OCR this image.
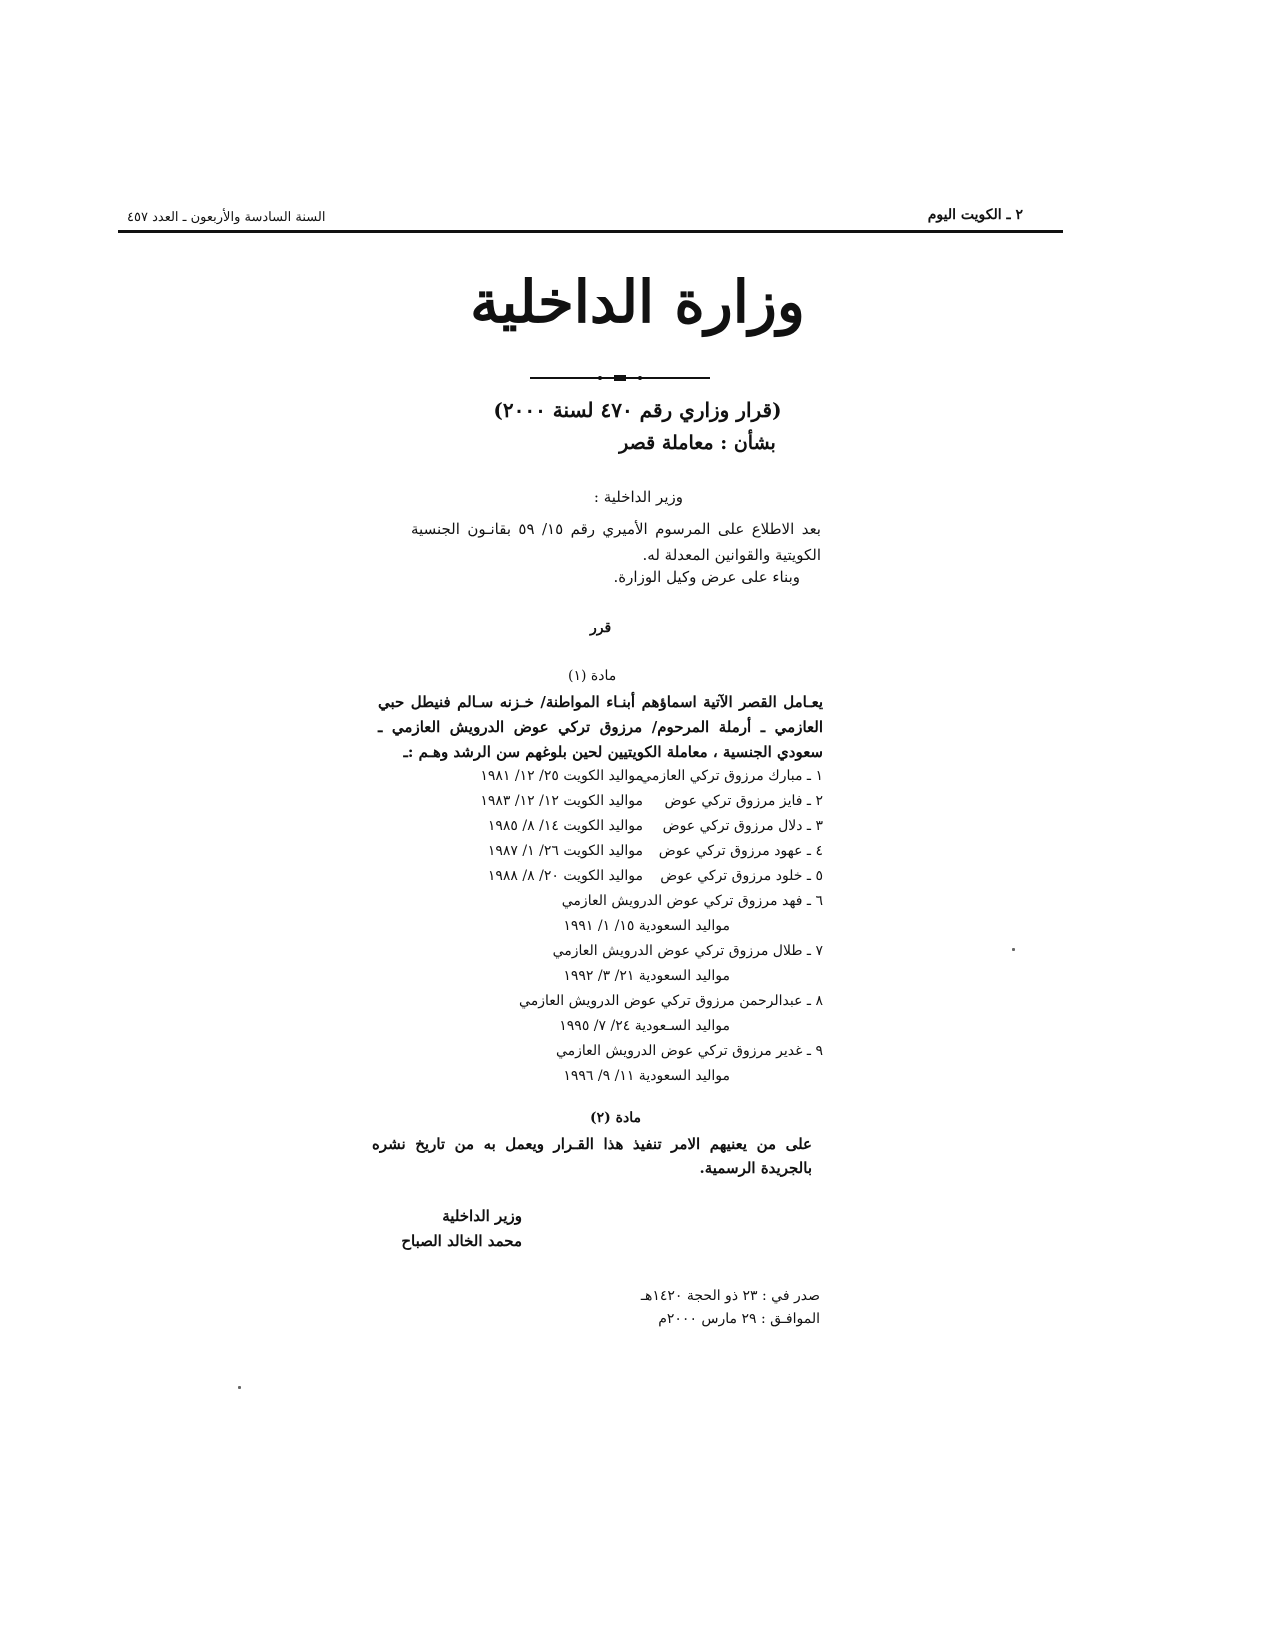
٢ ـ الكويت اليوم
السنة السادسة والأربعون ـ العدد ٤٥٧
وزارة الداخلية
(قرار وزاري رقم ٤٧٠ لسنة ٢٠٠٠)
بشأن : معاملة قصر
وزير الداخلية :
بعد الاطلاع على المرسوم الأميري رقم ١٥/ ٥٩ بقانـون الجنسية الكويتية والقوانين المعدلة له.
وبناء على عرض وكيل الوزارة.
قرر
مادة (١)
يعـامل القصر الآتية اسماؤهم أبنـاء المواطنة/ خـزنه سـالم فنيطل حبي العازمي ـ أرملة المرحوم/ مرزوق تركي عوض الدرويش العازمي ـ سعودي الجنسية ، معاملة الكويتيين لحين بلوغهم سن الرشد وهـم :ـ
١ ـ مبارك مرزوق تركي العازمي
مواليد الكويت ٢٥/ ١٢/ ١٩٨١
٢ ـ فايز مرزوق تركي عوض
مواليد الكويت ١٢/ ١٢/ ١٩٨٣
٣ ـ دلال مرزوق تركي عوض
مواليد الكويت ١٤/ ٨/ ١٩٨٥
٤ ـ عهود مرزوق تركي عوض
مواليد الكويت ٢٦/ ١/ ١٩٨٧
٥ ـ خلود مرزوق تركي عوض
مواليد الكويت ٢٠/ ٨/ ١٩٨٨
٦ ـ فهد مرزوق تركي عوض الدرويش العازمي
مواليد السعودية ١٥/ ١/ ١٩٩١
٧ ـ طلال مرزوق تركي عوض الدرويش العازمي
مواليد السعودية ٢١/ ٣/ ١٩٩٢
٨ ـ عبدالرحمن مرزوق تركي عوض الدرويش العازمي
مواليد السـعودية ٢٤/ ٧/ ١٩٩٥
٩ ـ غدير مرزوق تركي عوض الدرويش العازمي
مواليد السعودية ١١/ ٩/ ١٩٩٦
مادة (٢)
على من يعنيهم الامر تنفيذ هذا القـرار ويعمل به من تاريخ نشره بالجريدة الرسمية.
وزير الداخلية
محمد الخالد الصباح
صدر في : ٢٣ ذو الحجة ١٤٢٠هـ
الموافـق : ٢٩ مارس ٢٠٠٠م
